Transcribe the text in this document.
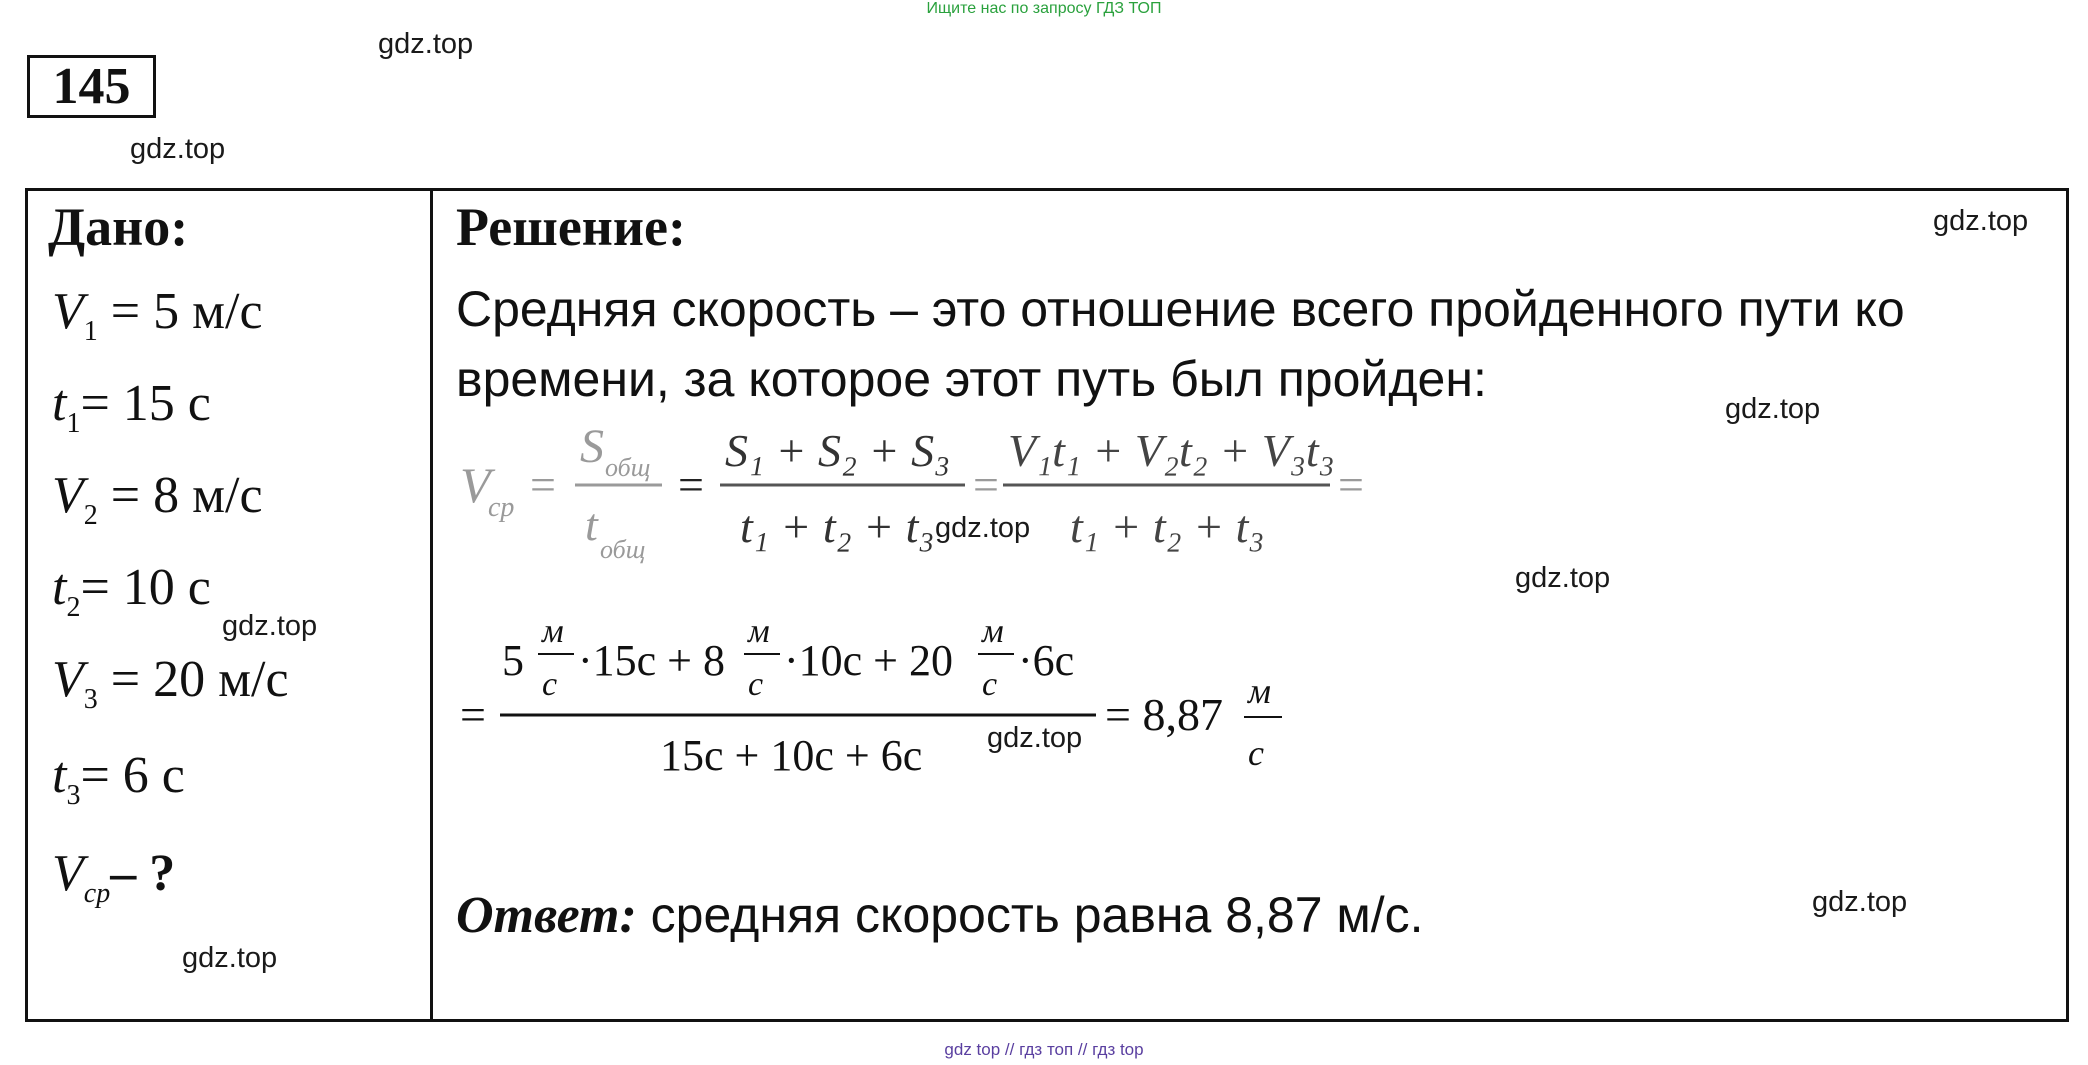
Ищите нас по запросу ГДЗ ТОП
145
gdz.top
gdz.top
gdz.top
gdz.top
gdz.top
gdz.top
gdz.top
gdz.top
gdz.top
gdz.top
Дано:
$V_1 = 5$ м/с
$t_1= 15$ с
$V_2 = 8$ м/с
$t_2= 10$ с
$V_3 = 20$ м/с
$t_3= 6$ с
$V_{ср}-$ ?
Решение:
Средняя скорость – это отношение всего пройденного пути ко
времени, за которое этот путь был пройден:
V
ср =
S общ
t общ
=
S₁ + S₂ + S₃
t₁ + t₂ + t₃
=
V₁t₁ + V₂t₂ + V₃t₃
t₁ + t₂ + t₃
=
=
5
м
с ·15с + 8
м
с ·10с + 20
м
с ·6с
15с + 10с + 6с
= 8,87 м
с
Ответ: средняя скорость равна 8,87 м/с.
gdz top // гдз топ // гдз top
